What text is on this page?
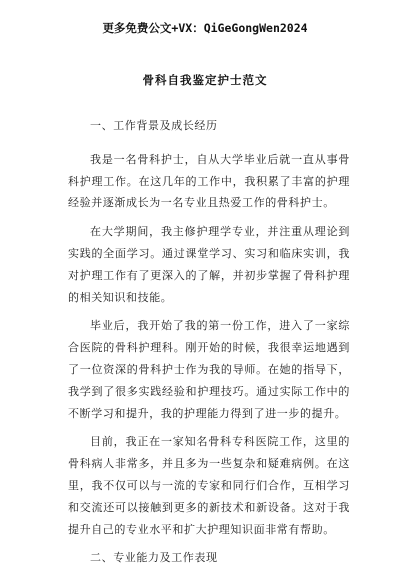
更多免费公文+VX：QiGeGongWen2024
骨科自我鉴定护士范文

一、工作背景及成长经历

我是一名骨科护士，自从大学毕业后就一直从事骨科护理工作。在这几年的工作中，我积累了丰富的护理经验并逐渐成长为一名专业且热爱工作的骨科护士。

在大学期间，我主修护理学专业，并注重从理论到实践的全面学习。通过课堂学习、实习和临床实训，我对护理工作有了更深入的了解，并初步掌握了骨科护理的相关知识和技能。

毕业后，我开始了我的第一份工作，进入了一家综合医院的骨科护理科。刚开始的时候，我很幸运地遇到了一位资深的骨科护士作为我的导师。在她的指导下，我学到了很多实践经验和护理技巧。通过实际工作中的不断学习和提升，我的护理能力得到了进一步的提升。

目前，我正在一家知名骨科专科医院工作，这里的骨科病人非常多，并且多为一些复杂和疑难病例。在这里，我不仅可以与一流的专家和同行们合作，互相学习和交流还可以接触到更多的新技术和新设备。这对于我提升自己的专业水平和扩大护理知识面非常有帮助。

二、专业能力及工作表现
